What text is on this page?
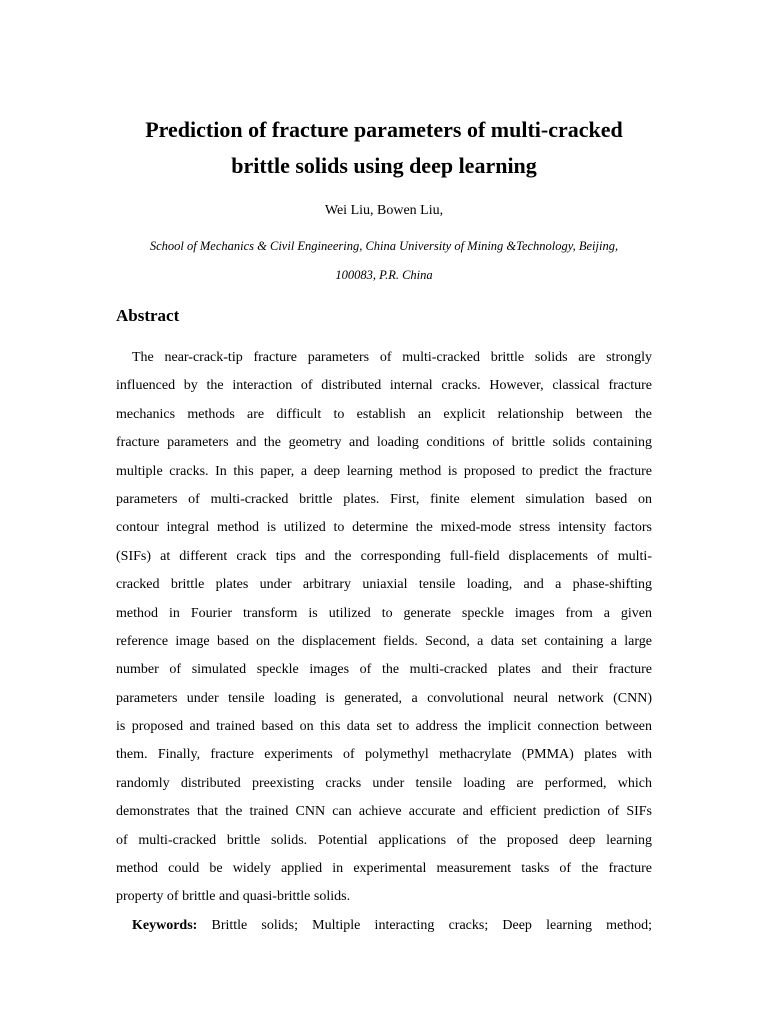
Prediction of fracture parameters of multi-cracked
brittle solids using deep learning
Wei Liu, Bowen Liu,
School of Mechanics & Civil Engineering, China University of Mining &Technology, Beijing,
100083, P.R. China
Abstract
The near-crack-tip fracture parameters of multi-cracked brittle solids are strongly
influenced by the interaction of distributed internal cracks. However, classical fracture
mechanics methods are difficult to establish an explicit relationship between the
fracture parameters and the geometry and loading conditions of brittle solids containing
multiple cracks. In this paper, a deep learning method is proposed to predict the fracture
parameters of multi-cracked brittle plates. First, finite element simulation based on
contour integral method is utilized to determine the mixed-mode stress intensity factors
(SIFs) at different crack tips and the corresponding full-field displacements of multi-
cracked brittle plates under arbitrary uniaxial tensile loading, and a phase-shifting
method in Fourier transform is utilized to generate speckle images from a given
reference image based on the displacement fields. Second, a data set containing a large
number of simulated speckle images of the multi-cracked plates and their fracture
parameters under tensile loading is generated, a convolutional neural network (CNN)
is proposed and trained based on this data set to address the implicit connection between
them. Finally, fracture experiments of polymethyl methacrylate (PMMA) plates with
randomly distributed preexisting cracks under tensile loading are performed, which
demonstrates that the trained CNN can achieve accurate and efficient prediction of SIFs
of multi-cracked brittle solids. Potential applications of the proposed deep learning
method could be widely applied in experimental measurement tasks of the fracture
property of brittle and quasi-brittle solids.
Keywords: Brittle solids; Multiple interacting cracks; Deep learning method;
